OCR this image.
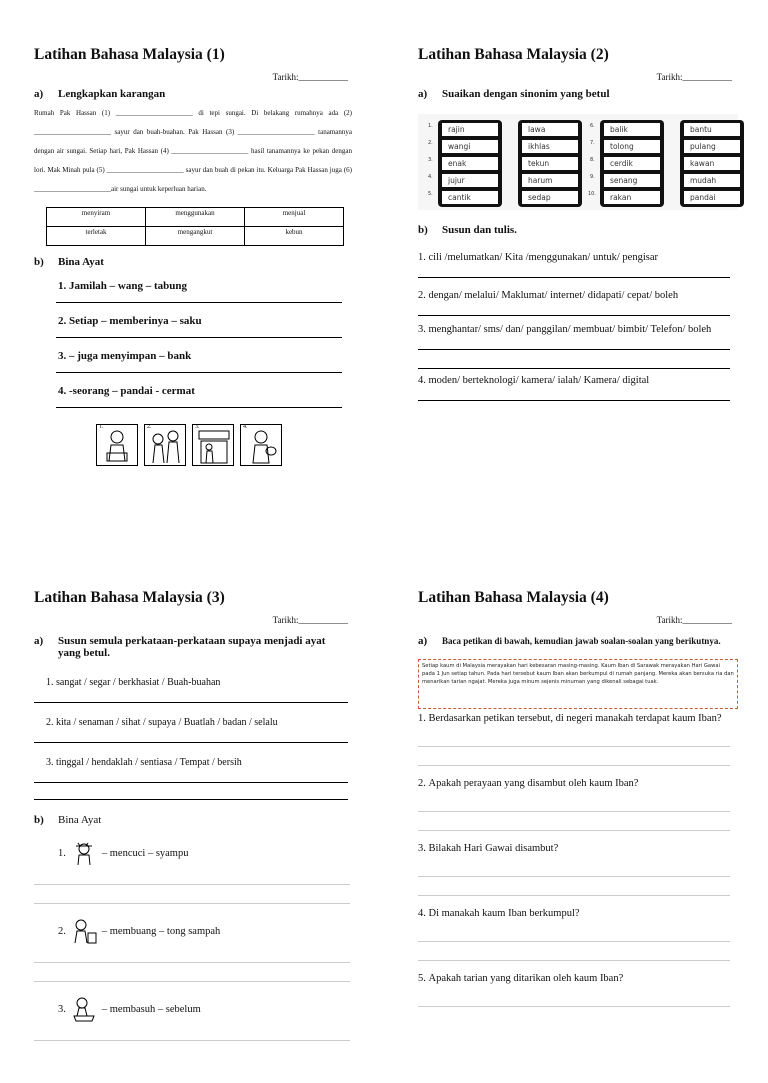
Latihan Bahasa Malaysia (1)
Tarikh:___________
a) Lengkapkan karangan
Rumah Pak Hassan (1) ______________________ di tepi sungai. Di belakang rumahnya ada (2) ______________________ sayur dan buah-buahan. Pak Hassan (3) ______________________ tanamannya dengan air sungai. Setiap hari, Pak Hassan (4) ______________________ hasil tanamannya ke pekan dengan lori. Mak Minah pula (5) ______________________ sayur dan buah di pekan itu. Keluarga Pak Hassan juga (6) ______________________air sungai untuk keperluan harian.
menyiram	menggunakan	menjual
terletak	mengangkut	kebun
b) Bina Ayat
1. Jamilah – wang – tabung
2. Setiap – memberinya – saku
3. – juga menyimpan – bank
4. -seorang – pandai - cermat
1.	2.	3.	4.
Latihan Bahasa Malaysia (2)
Tarikh:___________
a) Suaikan dengan sinonim yang betul
1.
2.
3.
4.
5.
rajin
wangi
enak
jujur
cantik
lawa
ikhlas
tekun
harum
sedap
6.
7.
8.
9.
10.
balik
tolong
cerdik
senang
rakan
bantu
pulang
kawan
mudah
pandai
b) Susun dan tulis.
1. cili /melumatkan/ Kita /menggunakan/ untuk/ pengisar
2. dengan/ melalui/ Maklumat/ internet/ didapati/ cepat/ boleh
3. menghantar/ sms/ dan/ panggilan/ membuat/ bimbit/ Telefon/ boleh
4. moden/ berteknologi/ kamera/ ialah/ Kamera/ digital
Latihan Bahasa Malaysia (3)
Tarikh:___________
a) Susun semula perkataan-perkataan supaya menjadi ayat yang betul.
1. sangat / segar / berkhasiat / Buah-buahan
2. kita / senaman / sihat / supaya / Buatlah / badan / selalu
3. tinggal / hendaklah / sentiasa / Tempat / bersih
b) Bina Ayat
1.	– mencuci – syampu
2.	– membuang – tong sampah
3.	– membasuh – sebelum
Latihan Bahasa Malaysia (4)
Tarikh:___________
a) Baca petikan di bawah, kemudian jawab soalan-soalan yang berikutnya.
Setiap kaum di Malaysia merayakan hari kebesaran masing-masing. Kaum Iban di Sarawak merayakan Hari Gawai pada 1 Jun setiap tahun. Pada hari tersebut kaum Iban akan berkumpul di rumah panjang. Mereka akan bersuka ria dan menarikan tarian ngajat. Mereka juga minum sejenis minuman yang dikenali sebagai tuak.
1. Berdasarkan petikan tersebut, di negeri manakah terdapat kaum Iban?
2. Apakah perayaan yang disambut oleh kaum Iban?
3. Bilakah Hari Gawai disambut?
4. Di manakah kaum Iban berkumpul?
5. Apakah tarian yang ditarikan oleh kaum Iban?
